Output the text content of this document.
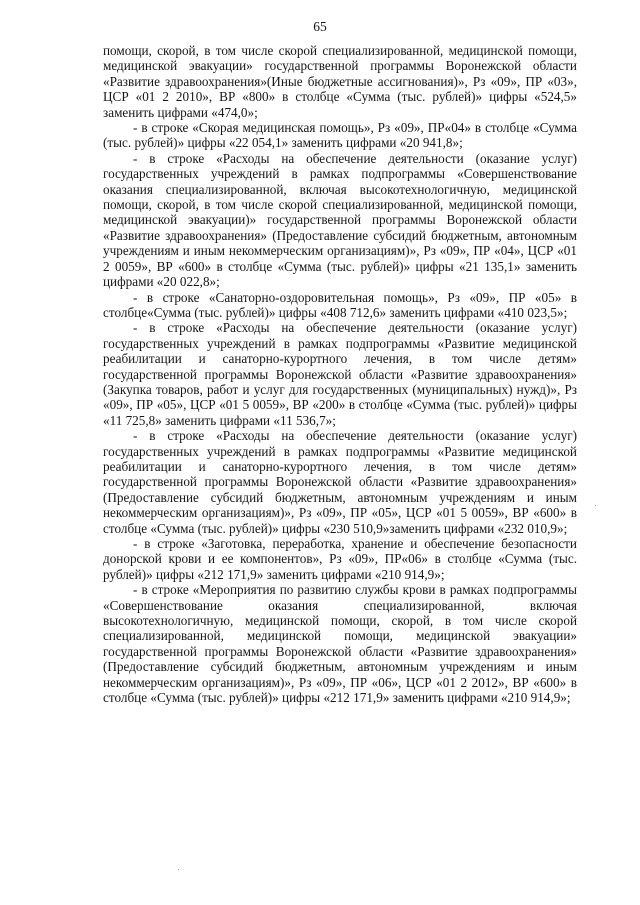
65

помощи, скорой, в том числе скорой специализированной, медицинской помощи, медицинской эвакуации» государственной программы Воронежской области «Развитие здравоохранения»(Иные бюджетные ассигнования)», Рз «09», ПР «03», ЦСР «01 2 2010», ВР «800» в столбце «Сумма (тыс. рублей)» цифры «524,5» заменить цифрами «474,0»;

- в строке «Скорая медицинская помощь», Рз «09», ПР«04» в столбце «Сумма (тыс. рублей)» цифры «22 054,1» заменить цифрами «20 941,8»;

- в строке «Расходы на обеспечение деятельности (оказание услуг) государственных учреждений в рамках подпрограммы «Совершенствование оказания специализированной, включая высокотехнологичную, медицинской помощи, скорой, в том числе скорой специализированной, медицинской помощи, медицинской эвакуации)» государственной программы Воронежской области «Развитие здравоохранения» (Предоставление субсидий бюджетным, автономным учреждениям и иным некоммерческим организациям)», Рз «09», ПР «04», ЦСР «01 2 0059», ВР «600» в столбце «Сумма (тыс. рублей)» цифры «21 135,1» заменить цифрами «20 022,8»;

- в строке «Санаторно-оздоровительная помощь», Рз «09», ПР «05» в столбце«Сумма (тыс. рублей)» цифры «408 712,6» заменить цифрами «410 023,5»;

- в строке «Расходы на обеспечение деятельности (оказание услуг) государственных учреждений в рамках подпрограммы «Развитие медицинской реабилитации и санаторно-курортного лечения, в том числе детям» государственной программы Воронежской области «Развитие здравоохранения» (Закупка товаров, работ и услуг для государственных (муниципальных) нужд)», Рз «09», ПР «05», ЦСР «01 5 0059», ВР «200» в столбце «Сумма (тыс. рублей)» цифры «11 725,8» заменить цифрами «11 536,7»;

- в строке «Расходы на обеспечение деятельности (оказание услуг) государственных учреждений в рамках подпрограммы «Развитие медицинской реабилитации и санаторно-курортного лечения, в том числе детям» государственной программы Воронежской области «Развитие здравоохранения» (Предоставление субсидий бюджетным, автономным учреждениям и иным некоммерческим организациям)», Рз «09», ПР «05», ЦСР «01 5 0059», ВР «600» в столбце «Сумма (тыс. рублей)» цифры «230 510,9»заменить цифрами «232 010,9»;

- в строке «Заготовка, переработка, хранение и обеспечение безопасности донорской крови и ее компонентов», Рз «09», ПР«06» в столбце «Сумма (тыс. рублей)» цифры «212 171,9» заменить цифрами «210 914,9»;

- в строке «Мероприятия по развитию службы крови в рамках подпрограммы «Совершенствование оказания специализированной, включая высокотехнологичную, медицинской помощи, скорой, в том числе скорой специализированной, медицинской помощи, медицинской эвакуации» государственной программы Воронежской области «Развитие здравоохранения» (Предоставление субсидий бюджетным, автономным учреждениям и иным некоммерческим организациям)», Рз «09», ПР «06», ЦСР «01 2 2012», ВР «600» в столбце «Сумма (тыс. рублей)» цифры «212 171,9» заменить цифрами «210 914,9»;
